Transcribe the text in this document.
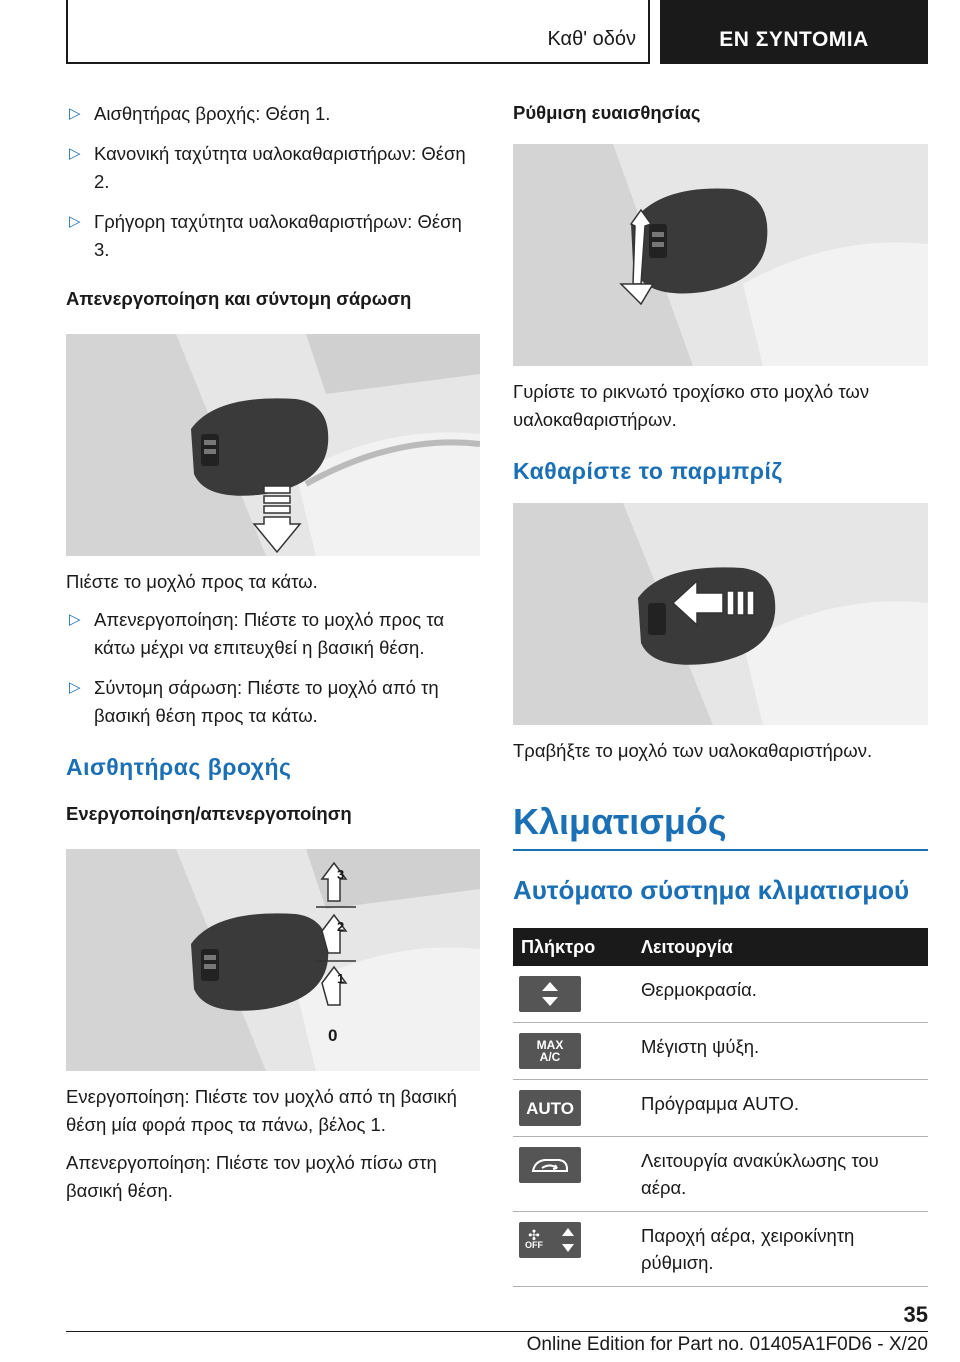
Καθ' οδόν	ΕΝ ΣΥΝΤΟΜΙΑ
▷ Αισθητήρας βροχής: Θέση 1.
▷ Κανονική ταχύτητα υαλοκαθαριστήρων: Θέση 2.
▷ Γρήγορη ταχύτητα υαλοκαθαριστήρων: Θέση 3.
Απενεργοποίηση και σύντομη σάρωση
Πιέστε το μοχλό προς τα κάτω.
▷ Απενεργοποίηση: Πιέστε το μοχλό προς τα κάτω μέχρι να επιτευχθεί η βασική θέση.
▷ Σύντομη σάρωση: Πιέστε το μοχλό από τη βασική θέση προς τα κάτω.
Αισθητήρας βροχής
Ενεργοποίηση/απενεργοποίηση
3
2
1
0
Ενεργοποίηση: Πιέστε τον μοχλό από τη βασική θέση μία φορά προς τα πάνω, βέλος 1.
Απενεργοποίηση: Πιέστε τον μοχλό πίσω στη βασική θέση.
Ρύθμιση ευαισθησίας
Γυρίστε το ρικνωτό τροχίσκο στο μοχλό των υαλοκαθαριστήρων.
Καθαρίστε το παρμπρίζ
Τραβήξτε το μοχλό των υαλοκαθαριστήρων.
Κλιματισμός
Αυτόματο σύστημα κλιματισμού
Πλήκτρο	Λειτουργία

	Θερμοκρασία.

MAX
A/C	Μέγιστη ψύξη.

AUTO	Πρόγραμμα AUTO.

	Λειτουργία ανακύκλωσης του αέρα.

✣
OFF	Παροχή αέρα, χειροκίνητη ρύθμιση.
35
Online Edition for Part no. 01405A1F0D6 - X/20
